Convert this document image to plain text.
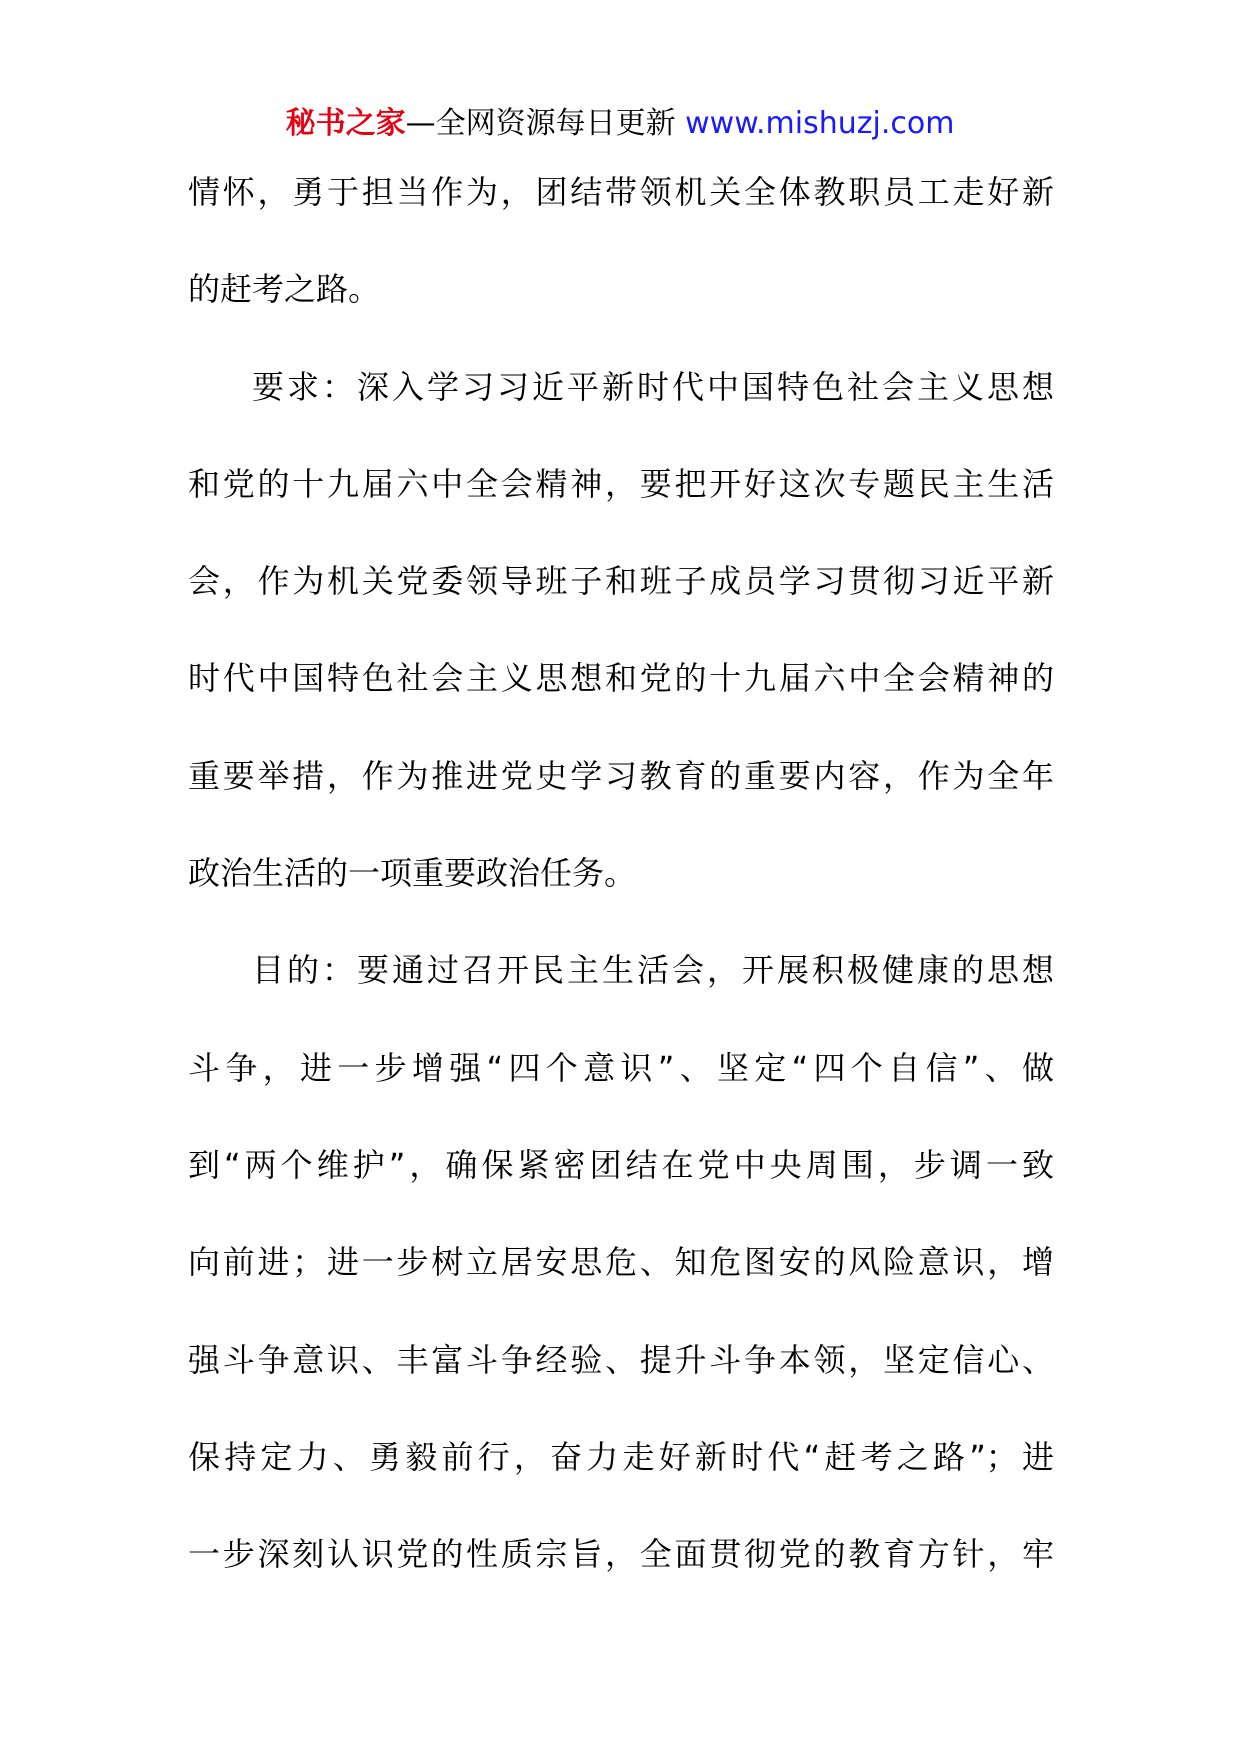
秘书之家—全网资源每日更新 www.mishuzj.com
情怀，勇于担当作为，团结带领机关全体教职员工走好新
的赶考之路。
要求：深入学习习近平新时代中国特色社会主义思想
和党的十九届六中全会精神，要把开好这次专题民主生活
会，作为机关党委领导班子和班子成员学习贯彻习近平新
时代中国特色社会主义思想和党的十九届六中全会精神的
重要举措，作为推进党史学习教育的重要内容，作为全年
政治生活的一项重要政治任务。
目的：要通过召开民主生活会，开展积极健康的思想
斗争，进一步增强“四个意识”、坚定“四个自信”、做
到“两个维护”，确保紧密团结在党中央周围，步调一致
向前进；进一步树立居安思危、知危图安的风险意识，增
强斗争意识、丰富斗争经验、提升斗争本领，坚定信心、
保持定力、勇毅前行，奋力走好新时代“赶考之路”；进
一步深刻认识党的性质宗旨，全面贯彻党的教育方针，牢
